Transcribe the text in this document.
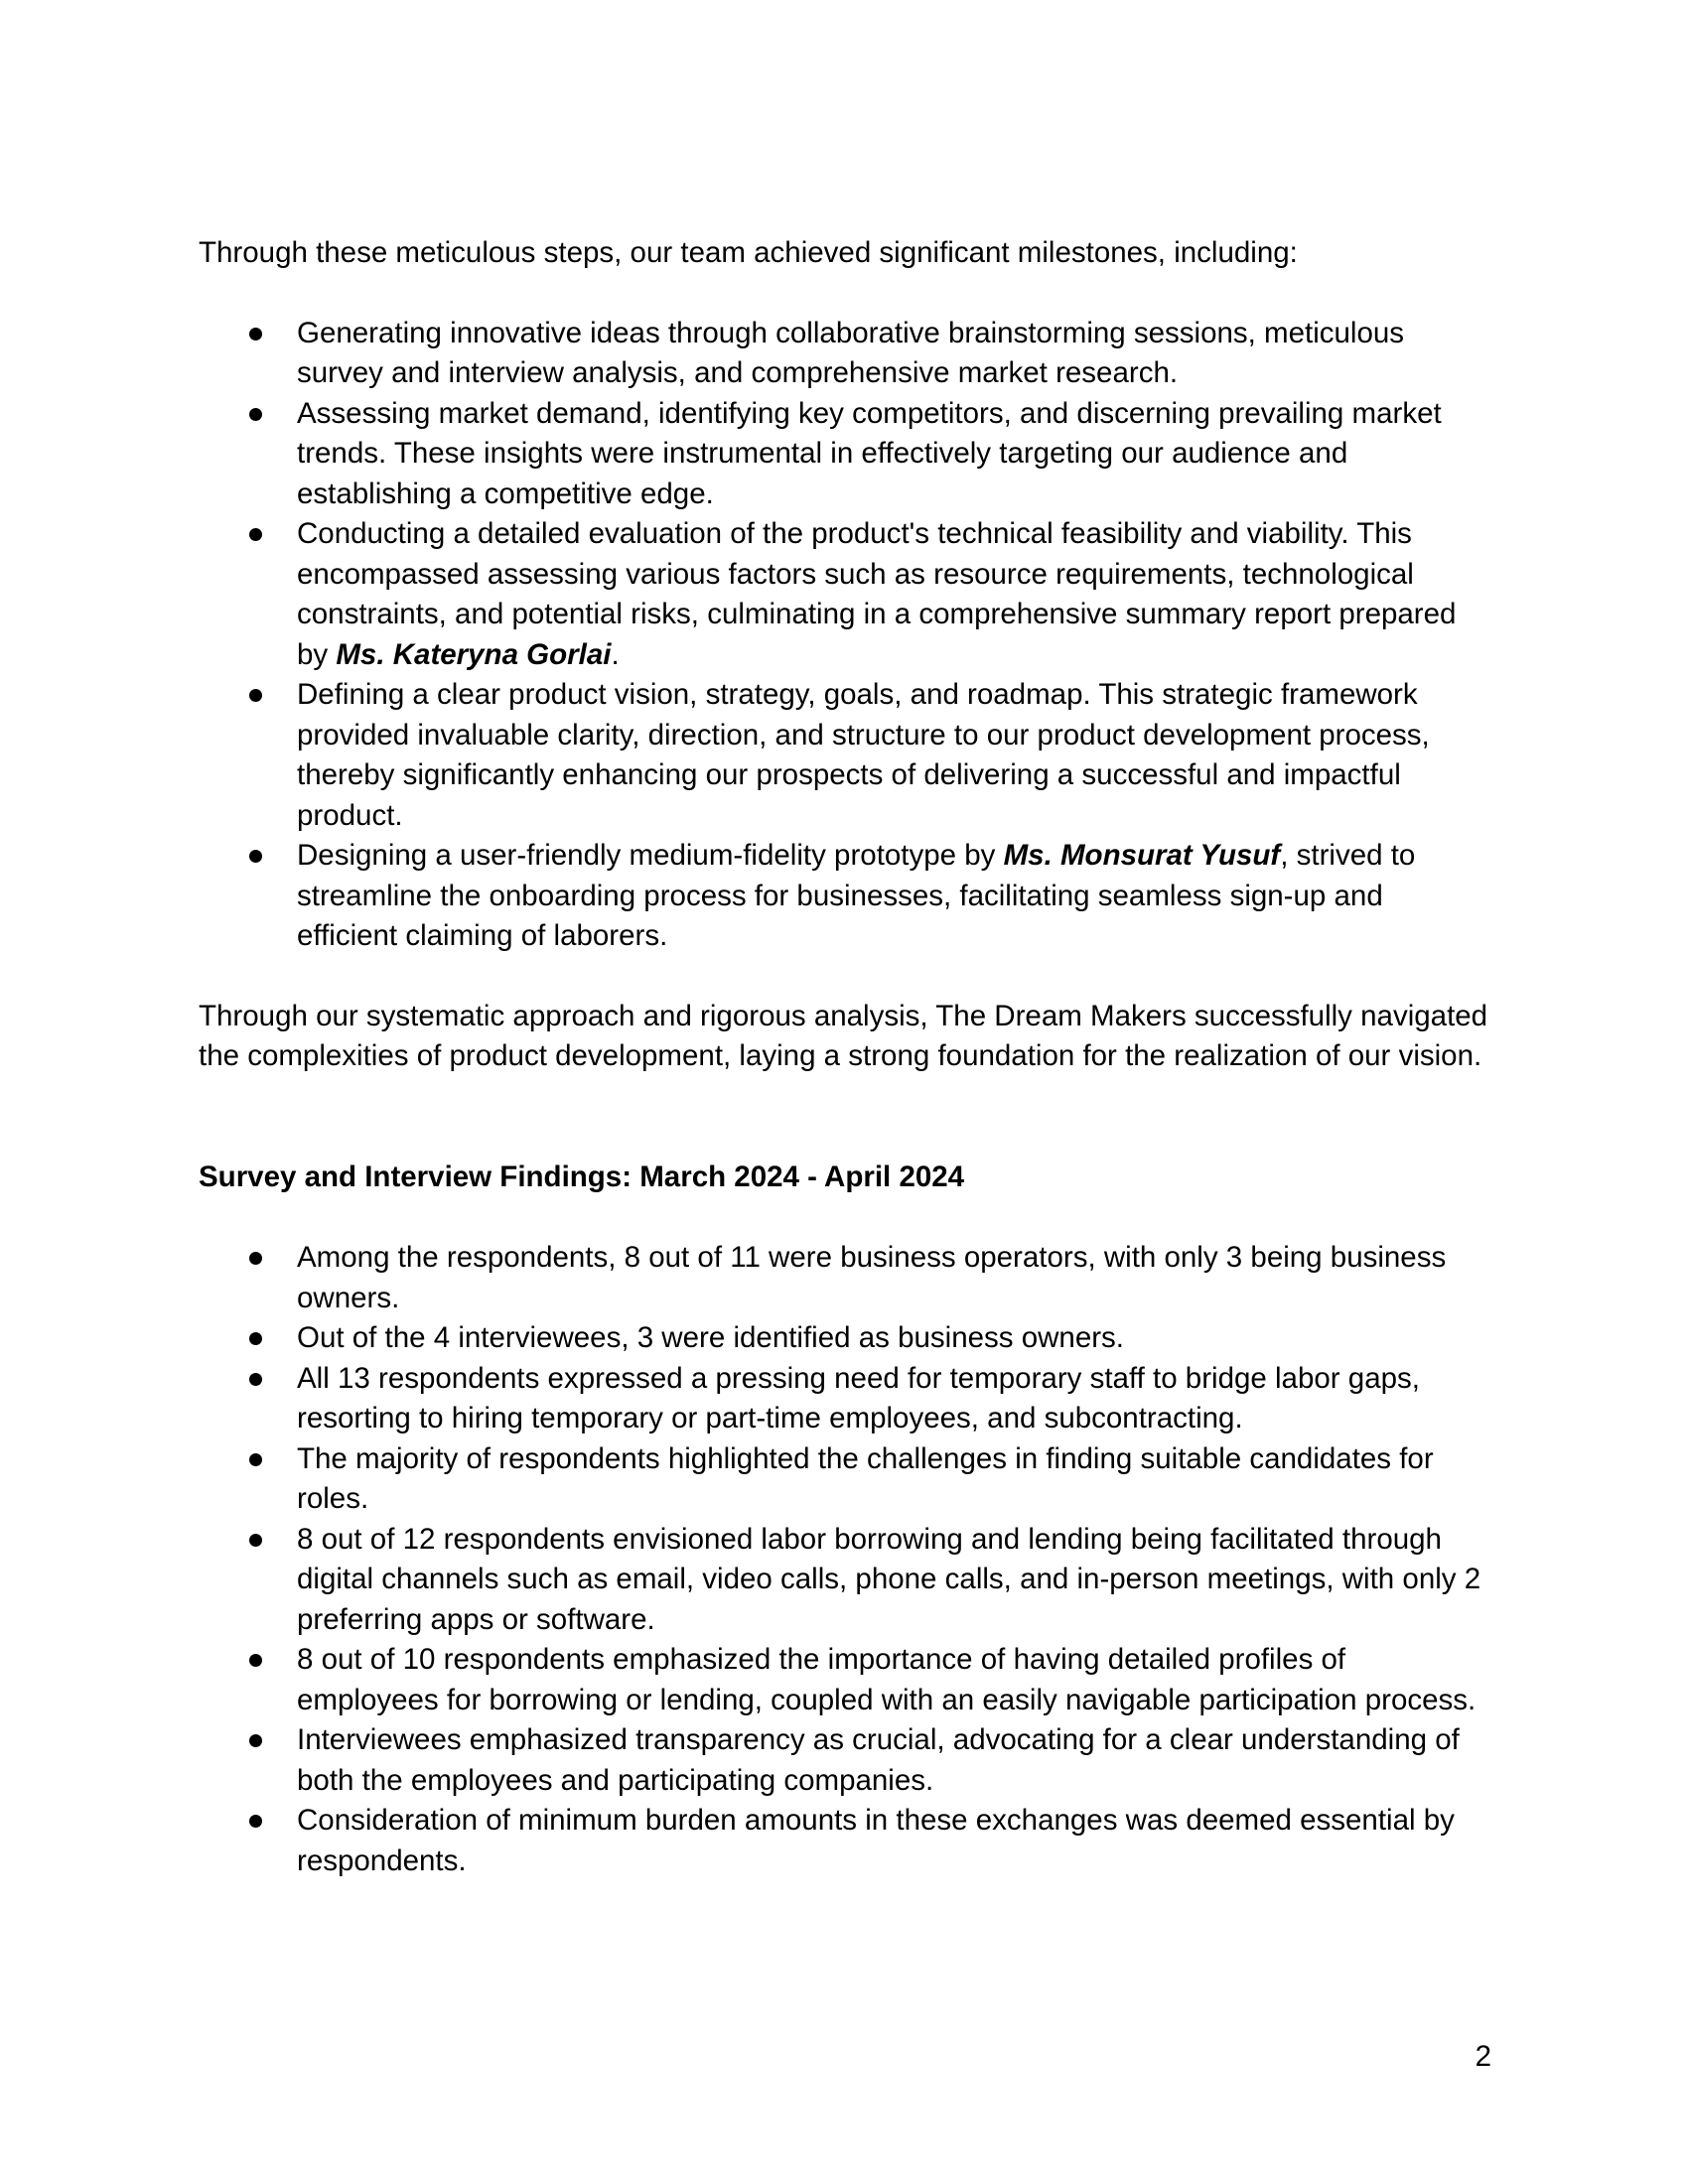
Through these meticulous steps, our team achieved significant milestones, including:

Generating innovative ideas through collaborative brainstorming sessions, meticulous survey and interview analysis, and comprehensive market research.
Assessing market demand, identifying key competitors, and discerning prevailing market trends. These insights were instrumental in effectively targeting our audience and establishing a competitive edge.
Conducting a detailed evaluation of the product's technical feasibility and viability. This encompassed assessing various factors such as resource requirements, technological constraints, and potential risks, culminating in a comprehensive summary report prepared by Ms. Kateryna Gorlai.
Defining a clear product vision, strategy, goals, and roadmap. This strategic framework provided invaluable clarity, direction, and structure to our product development process, thereby significantly enhancing our prospects of delivering a successful and impactful product.
Designing a user-friendly medium-fidelity prototype by Ms. Monsurat Yusuf, strived to streamline the onboarding process for businesses, facilitating seamless sign-up and efficient claiming of laborers.

Through our systematic approach and rigorous analysis, The Dream Makers successfully navigated the complexities of product development, laying a strong foundation for the realization of our vision.

Survey and Interview Findings: March 2024 - April 2024

Among the respondents, 8 out of 11 were business operators, with only 3 being business owners.
Out of the 4 interviewees, 3 were identified as business owners.
All 13 respondents expressed a pressing need for temporary staff to bridge labor gaps, resorting to hiring temporary or part-time employees, and subcontracting.
The majority of respondents highlighted the challenges in finding suitable candidates for roles.
8 out of 12 respondents envisioned labor borrowing and lending being facilitated through digital channels such as email, video calls, phone calls, and in-person meetings, with only 2 preferring apps or software.
8 out of 10 respondents emphasized the importance of having detailed profiles of employees for borrowing or lending, coupled with an easily navigable participation process.
Interviewees emphasized transparency as crucial, advocating for a clear understanding of both the employees and participating companies.
Consideration of minimum burden amounts in these exchanges was deemed essential by respondents.
2
